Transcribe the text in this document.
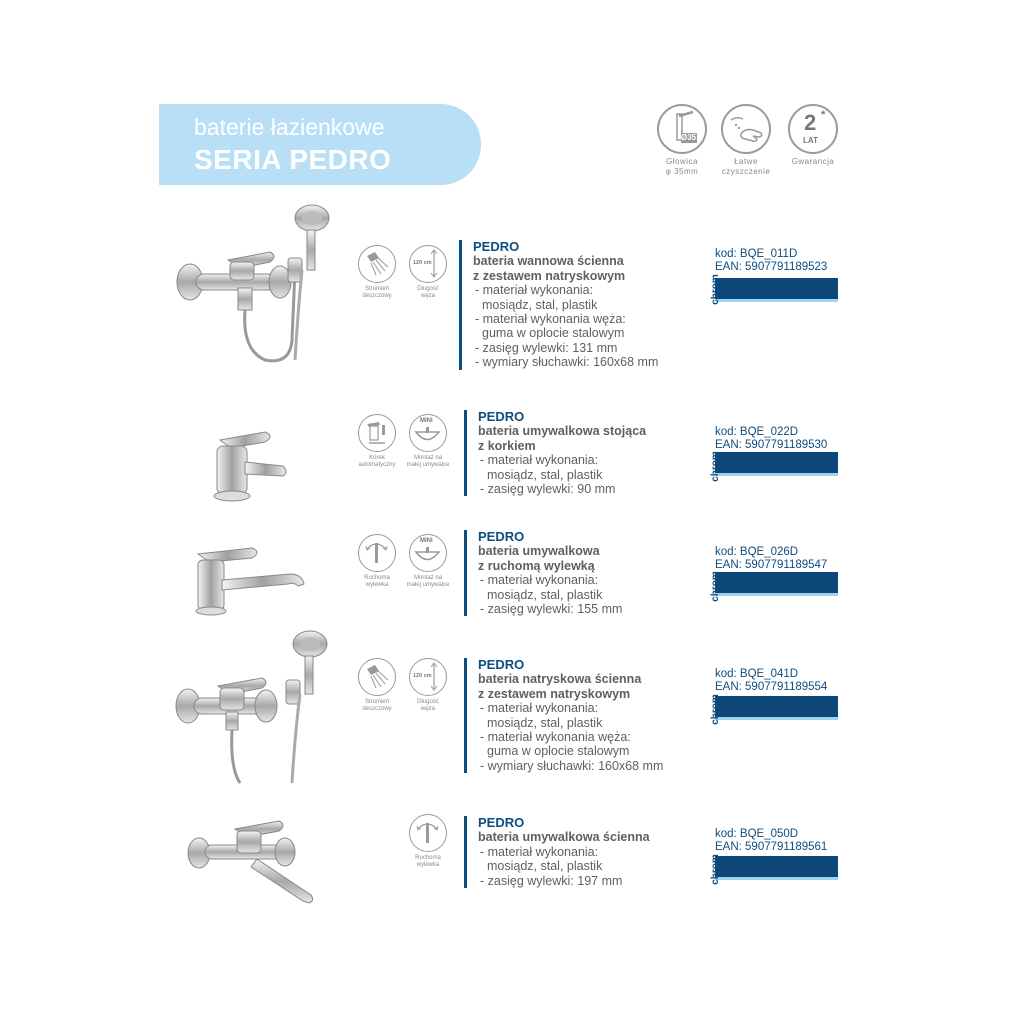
baterie łazienkowe
SERIA PEDRO
Ø35
Głowica
φ 35mm
Łatwe
czyszczenie
2 *
LAT
Gwarancja
Strumień
deszczowy
120 cm
Długość
węża
PEDRO
bateria wannowa ścienna
z zestawem natryskowym
- materiał wykonania:
mosiądz, stal, plastik
- materiał wykonania węża:
guma w oplocie stalowym
- zasięg wylewki: 131 mm
- wymiary słuchawki: 160x68 mm
kod: BQE_011D
EAN: 5907791189523
chrom
Korek
automatyczny
MINI
Montaż na
małej umywalce
PEDRO
bateria umywalkowa stojąca
z korkiem
- materiał wykonania:
mosiądz, stal, plastik
- zasięg wylewki: 90 mm
kod: BQE_022D
EAN: 5907791189530
chrom
Ruchoma
wylewka
MINI
Montaż na
małej umywalce
PEDRO
bateria umywalkowa
z ruchomą wylewką
- materiał wykonania:
mosiądz, stal, plastik
- zasięg wylewki: 155 mm
kod: BQE_026D
EAN: 5907791189547
chrom
Strumień
deszczowy
120 cm
Długość
węża
PEDRO
bateria natryskowa ścienna
z zestawem natryskowym
- materiał wykonania:
mosiądz, stal, plastik
- materiał wykonania węża:
guma w oplocie stalowym
- wymiary słuchawki: 160x68 mm
kod: BQE_041D
EAN: 5907791189554
chrom
Ruchoma
wylewka
PEDRO
bateria umywalkowa ścienna
- materiał wykonania:
mosiądz, stal, plastik
- zasięg wylewki: 197 mm
kod: BQE_050D
EAN: 5907791189561
chrom
